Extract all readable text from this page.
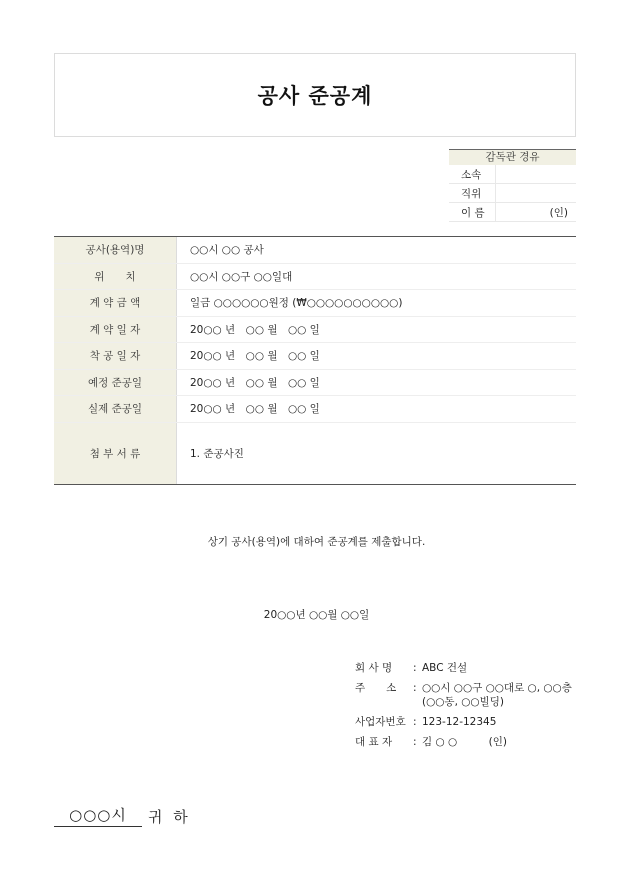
공사 준공계
감독관 경유
소속
직위
이 름	(인)
공사(용역)명	○○시 ○○ 공사
위　　치	○○시 ○○구 ○○일대
계 약 금 액	일금 ○○○○○○원정 (₩○○○○○○○○○○)
계 약 일 자	20○○ 년　○○ 월　○○ 일
착 공 일 자	20○○ 년　○○ 월　○○ 일
예정 준공일	20○○ 년　○○ 월　○○ 일
실제 준공일	20○○ 년　○○ 월　○○ 일
첨 부 서 류	1. 준공사진
상기 공사(용역)에 대하여 준공계를 제출합니다.
20○○년 ○○월 ○○일
회 사 명	: ABC 건설
주　　소	: ○○시 ○○구 ○○대로 ○, ○○층 (○○동, ○○빌딩)
사업자번호 : 123-12-12345
대 표 자	: 김 ○ ○　　　(인)
○○○시	귀 하
